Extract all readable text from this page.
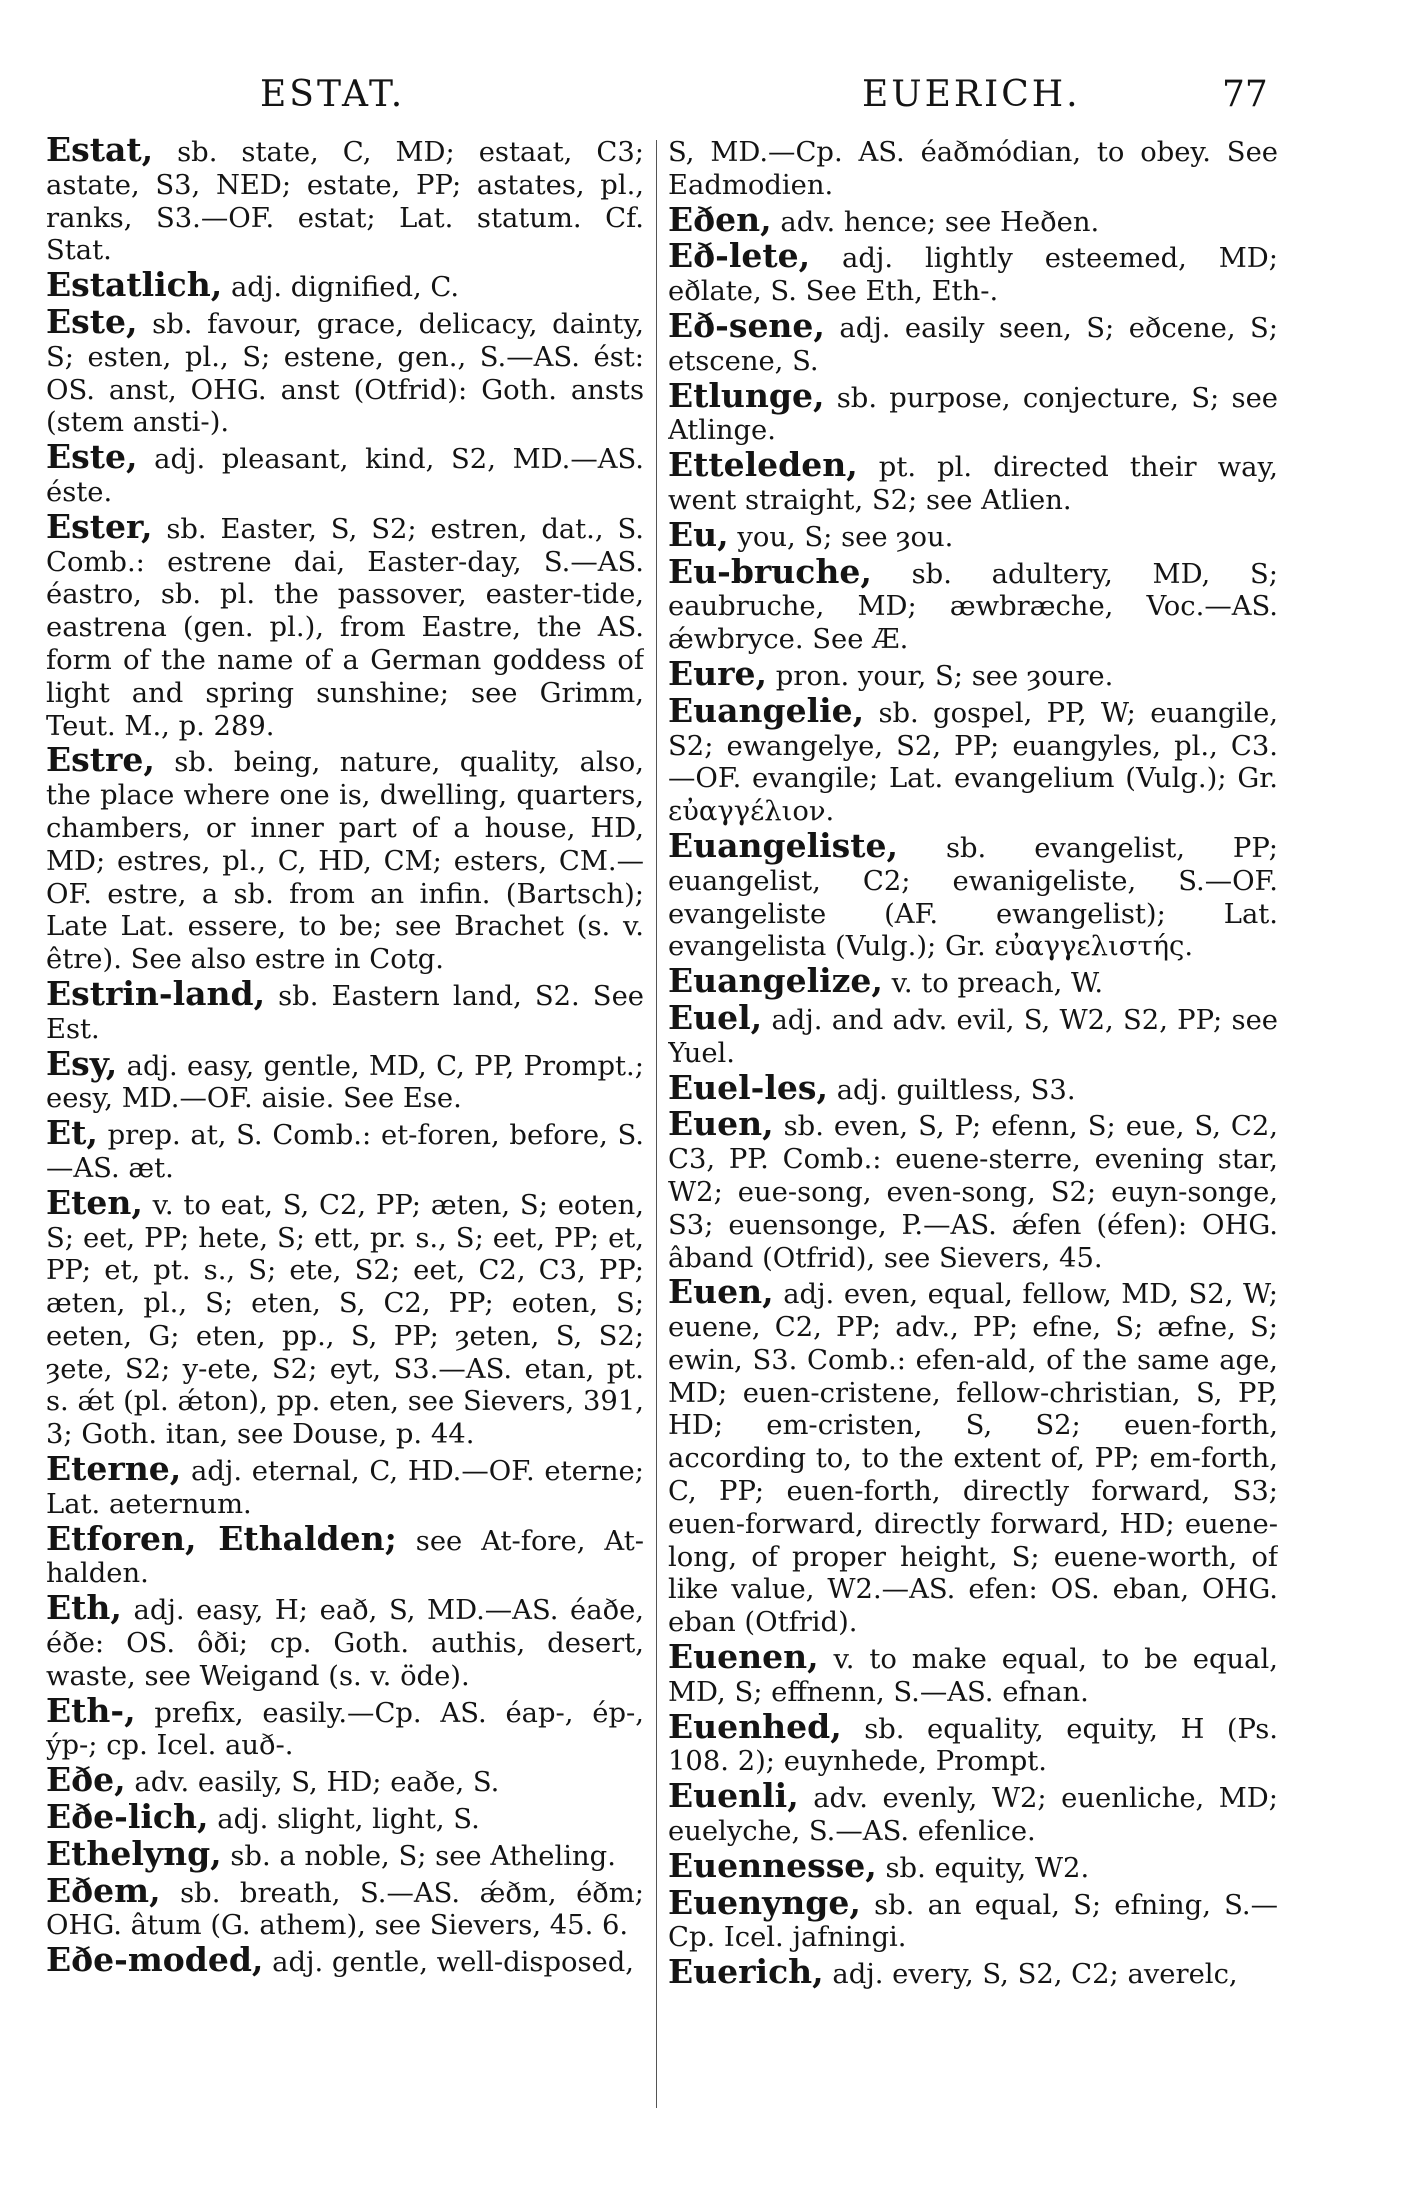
ESTAT.	EUERICH.	77

Estat, sb. state, C, MD; estaat, C3; astate, S3, NED; estate, PP; astates, pl., ranks, S3.—OF. estat; Lat. statum. Cf. Stat.

Estatlich, adj. dignified, C.

Este, sb. favour, grace, delicacy, dainty, S; esten, pl., S; estene, gen., S.—AS. ést: OS. anst, OHG. anst (Otfrid): Goth. ansts (stem ansti-).

Este, adj. pleasant, kind, S2, MD.—AS. éste.

Ester, sb. Easter, S, S2; estren, dat., S. Comb.: estrene dai, Easter-day, S.—AS. éastro, sb. pl. the passover, easter-tide, eastrena (gen. pl.), from Eastre, the AS. form of the name of a German goddess of light and spring sunshine; see Grimm, Teut. M., p. 289.

Estre, sb. being, nature, quality, also, the place where one is, dwelling, quarters, chambers, or inner part of a house, HD, MD; estres, pl., C, HD, CM; esters, CM.—OF. estre, a sb. from an infin. (Bartsch); Late Lat. essere, to be; see Brachet (s. v. être). See also estre in Cotg.

Estrin-land, sb. Eastern land, S2. See Est.

Esy, adj. easy, gentle, MD, C, PP, Prompt.; eesy, MD.—OF. aisie. See Ese.

Et, prep. at, S. Comb.: et-foren, before, S.—AS. æt.

Eten, v. to eat, S, C2, PP; æten, S; eoten, S; eet, PP; hete, S; ett, pr. s., S; eet, PP; et, PP; et, pt. s., S; ete, S2; eet, C2, C3, PP; æten, pl., S; eten, S, C2, PP; eoten, S; eeten, G; eten, pp., S, PP; ȝeten, S, S2; ȝete, S2; y-ete, S2; eyt, S3.—AS. etan, pt. s. ǽt (pl. ǽton), pp. eten, see Sievers, 391, 3; Goth. itan, see Douse, p. 44.

Eterne, adj. eternal, C, HD.—OF. eterne; Lat. aeternum.

Etforen, Ethalden; see At-fore, At-halden.

Eth, adj. easy, H; eað, S, MD.—AS. éaðe, éðe: OS. ôði; cp. Goth. authis, desert, waste, see Weigand (s. v. öde).

Eth-, prefix, easily.—Cp. AS. éap-, ép-, ýp-; cp. Icel. auð-.

Eðe, adv. easily, S, HD; eaðe, S.

Eðe-lich, adj. slight, light, S.

Ethelyng, sb. a noble, S; see Atheling.

Eðem, sb. breath, S.—AS. ǽðm, éðm; OHG. âtum (G. athem), see Sievers, 45. 6.

Eðe-moded, adj. gentle, well-disposed,

S, MD.—Cp. AS. éaðmódian, to obey. See Eadmodien.

Eðen, adv. hence; see Heðen.

Eð-lete, adj. lightly esteemed, MD; eðlate, S. See Eth, Eth-.

Eð-sene, adj. easily seen, S; eðcene, S; etscene, S.

Etlunge, sb. purpose, conjecture, S; see Atlinge.

Etteleden, pt. pl. directed their way, went straight, S2; see Atlien.

Eu, you, S; see ȝou.

Eu-bruche, sb. adultery, MD, S; eaubruche, MD; æwbræche, Voc.—AS. ǽwbryce. See Æ.

Eure, pron. your, S; see ȝoure.

Euangelie, sb. gospel, PP, W; euangile, S2; ewangelye, S2, PP; euangyles, pl., C3.—OF. evangile; Lat. evangelium (Vulg.); Gr. εὐαγγέλιον.

Euangeliste, sb. evangelist, PP; euangelist, C2; ewanigeliste, S.—OF. evangeliste (AF. ewangelist); Lat. evangelista (Vulg.); Gr. εὐαγγελιστής.

Euangelize, v. to preach, W.

Euel, adj. and adv. evil, S, W2, S2, PP; see Yuel.

Euel-les, adj. guiltless, S3.

Euen, sb. even, S, P; efenn, S; eue, S, C2, C3, PP. Comb.: euene-sterre, evening star, W2; eue-song, even-song, S2; euyn-songe, S3; euensonge, P.—AS. ǽfen (éfen): OHG. âband (Otfrid), see Sievers, 45.

Euen, adj. even, equal, fellow, MD, S2, W; euene, C2, PP; adv., PP; efne, S; æfne, S; ewin, S3. Comb.: efen-ald, of the same age, MD; euen-cristene, fellow-christian, S, PP, HD; em-cristen, S, S2; euen-forth, according to, to the extent of, PP; em-forth, C, PP; euen-forth, directly forward, S3; euen-forward, directly forward, HD; euene-long, of proper height, S; euene-worth, of like value, W2.—AS. efen: OS. eban, OHG. eban (Otfrid).

Euenen, v. to make equal, to be equal, MD, S; effnenn, S.—AS. efnan.

Euenhed, sb. equality, equity, H (Ps. 108. 2); euynhede, Prompt.

Euenli, adv. evenly, W2; euenliche, MD; euelyche, S.—AS. efenlice.

Euennesse, sb. equity, W2.

Euenynge, sb. an equal, S; efning, S.—Cp. Icel. jafningi.

Euerich, adj. every, S, S2, C2; averelc,
